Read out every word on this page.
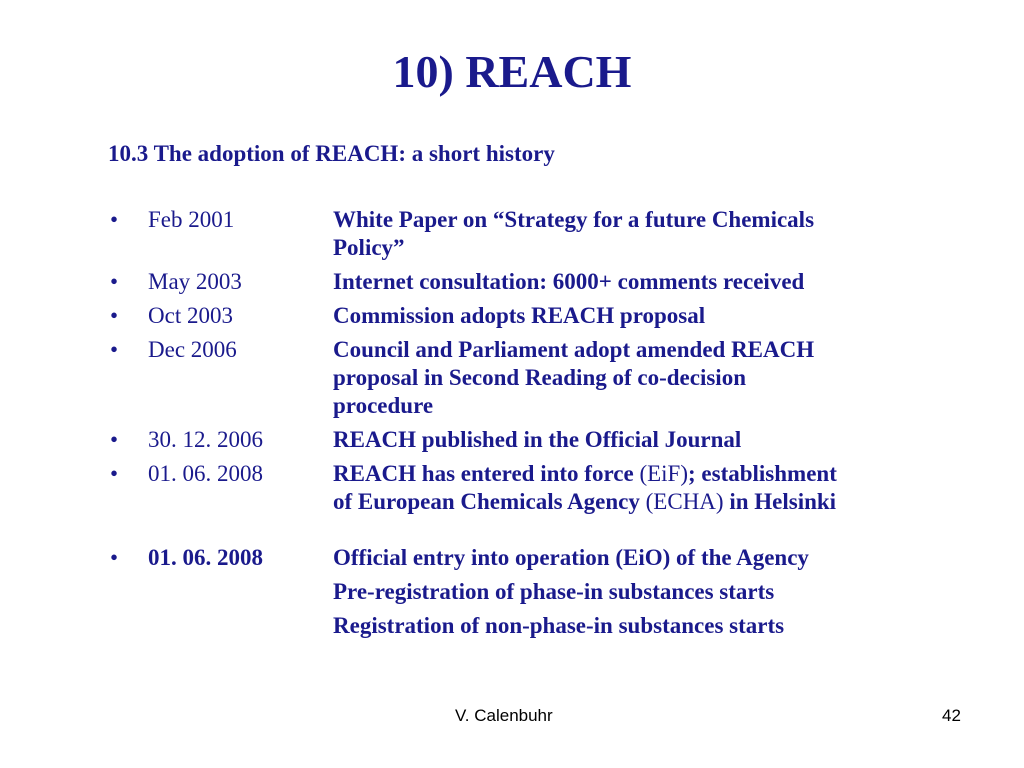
10) REACH
10.3 The adoption of REACH: a short history
• Feb 2001	White Paper on “Strategy for a future Chemicals
Policy”
• May 2003	Internet consultation: 6000+ comments received
• Oct 2003	Commission adopts REACH proposal
• Dec 2006	Council and Parliament adopt amended REACH
proposal in Second Reading of co-decision
procedure
• 30. 12. 2006	REACH published in the Official Journal
• 01. 06. 2008	REACH has entered into force (EiF); establishment
of European Chemicals Agency (ECHA) in Helsinki
• 01. 06. 2008	Official entry into operation (EiO) of the Agency
Pre-registration of phase-in substances starts
Registration of non-phase-in substances starts
V. Calenbuhr	42
